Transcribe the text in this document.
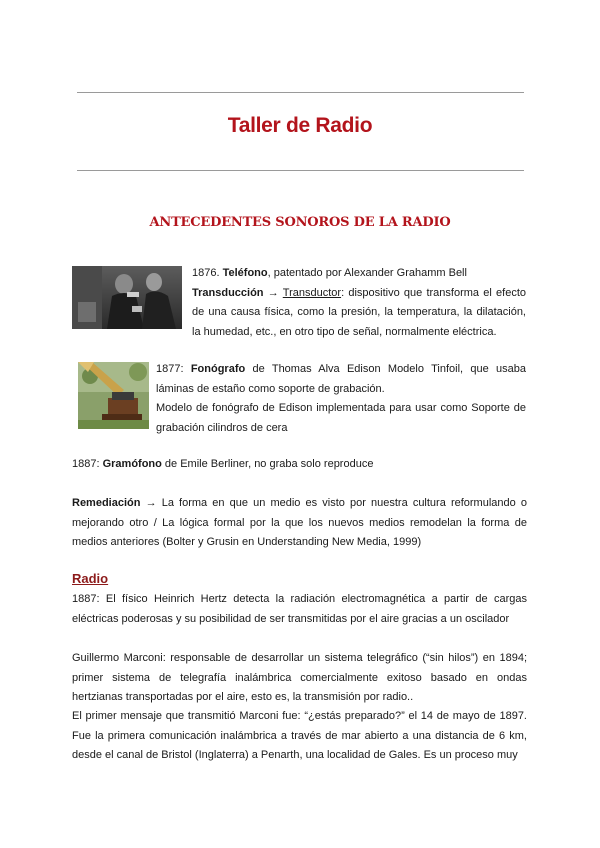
Taller de Radio
ANTECEDENTES SONOROS DE LA RADIO
1876. Teléfono, patentado por Alexander Grahamm Bell
Transducción → Transductor: dispositivo que transforma el efecto de una causa física, como la presión, la temperatura, la dilatación, la humedad, etc., en otro tipo de señal, normalmente eléctrica.
1877: Fonógrafo de Thomas Alva Edison Modelo Tinfoil, que usaba láminas de estaño como soporte de grabación.
Modelo de fonógrafo de Edison implementada para usar como Soporte de grabación cilindros de cera
1887: Gramófono de Emile Berliner, no graba solo reproduce
Remediación → La forma en que un medio es visto por nuestra cultura reformulando o mejorando otro / La lógica formal por la que los nuevos medios remodelan la forma de medios anteriores (Bolter y Grusin en Understanding New Media, 1999)
Radio
1887: El físico Heinrich Hertz detecta la radiación electromagnética a partir de cargas eléctricas poderosas y su posibilidad de ser transmitidas por el aire gracias a un oscilador
Guillermo Marconi: responsable de desarrollar un sistema telegráfico (“sin hilos”) en 1894; primer sistema de telegrafía inalámbrica comercialmente exitoso basado en ondas hertzianas transportadas por el aire, esto es, la transmisión por radio..
El primer mensaje que transmitió Marconi fue: “¿estás preparado?” el 14 de mayo de 1897. Fue la primera comunicación inalámbrica a través de mar abierto a una distancia de 6 km, desde el canal de Bristol (Inglaterra) a Penarth, una localidad de Gales. Es un proceso muy
